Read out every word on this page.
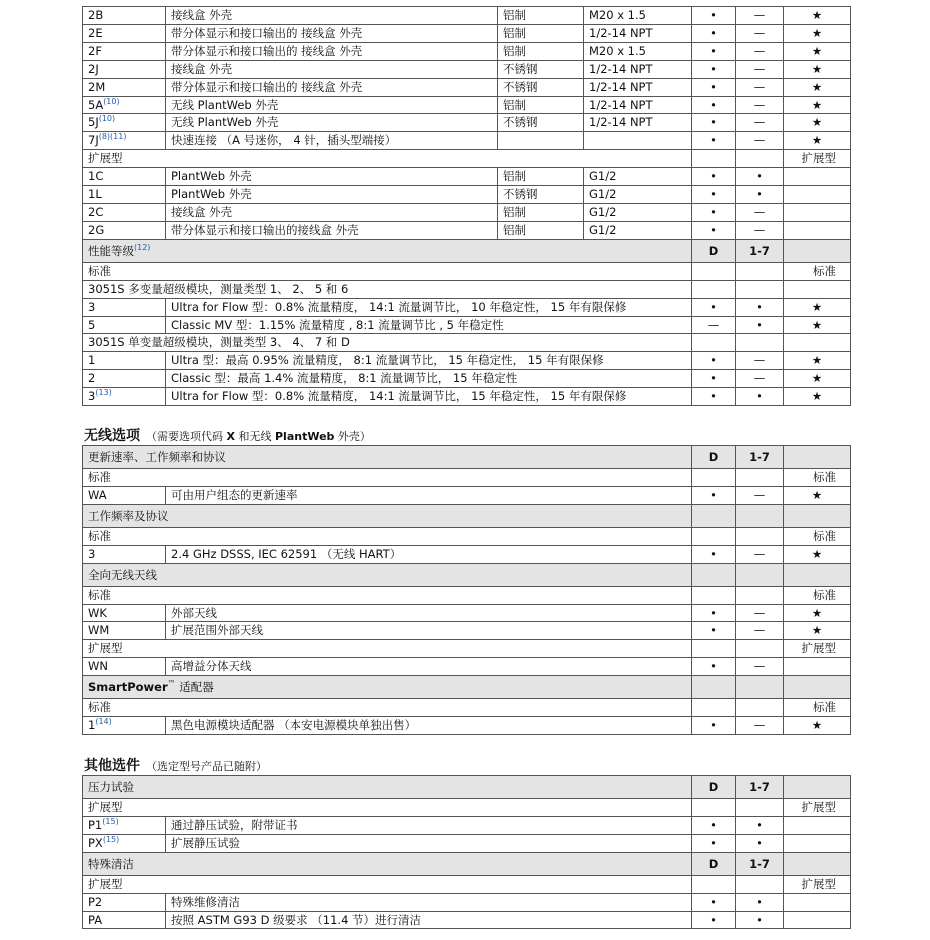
2B	接线盒 外壳	铝制	M20 x 1.5	•	—	★
2E	带分体显示和接口输出的 接线盒 外壳	铝制	1/2-14 NPT	•	—	★
2F	带分体显示和接口输出的 接线盒 外壳	铝制	M20 x 1.5	•	—	★
2J	接线盒 外壳	不锈钢	1/2-14 NPT	•	—	★
2M	带分体显示和接口输出的 接线盒 外壳	不锈钢	1/2-14 NPT	•	—	★
$5A^{(10)}$	无线 PlantWeb 外壳	铝制	1/2-14 NPT	•	—	★
$5J^{(10)}$	无线 PlantWeb 外壳	不锈钢	1/2-14 NPT	•	—	★
$7J^{(8)(11)}$	快速连接 （A 号迷你， 4 针，插头型端接）			•	—	★
扩展型						扩展型
1C	PlantWeb 外壳	铝制	G1/2	•	•	
1L	PlantWeb 外壳	不锈钢	G1/2	•	•	
2C	接线盒 外壳	铝制	G1/2	•	—	
2G	带分体显示和接口输出的接线盒 外壳	铝制	G1/2	•	—	
性能等级$^{(12)}$				D	1-7	
标准						标准
3051S 多变量超级模块，测量类型 1、 2、 5 和 6						
3	Ultra for Flow 型：0.8% 流量精度， 14:1 流量调节比， 10 年稳定性， 15 年有限保修			•	•	★
5	Classic MV 型：1.15% 流量精度 , 8:1 流量调节比 , 5 年稳定性			—	•	★
3051S 单变量超级模块，测量类型 3、 4、 7 和 D						
1	Ultra 型：最高 0.95% 流量精度， 8:1 流量调节比， 15 年稳定性， 15 年有限保修			•	—	★
2	Classic 型：最高 1.4% 流量精度， 8:1 流量调节比， 15 年稳定性			•	—	★
3$^{(13)}$	Ultra for Flow 型：0.8% 流量精度， 14:1 流量调节比， 15 年稳定性， 15 年有限保修			•	•	★
无线选项 （需要选项代码 X 和无线 PlantWeb 外壳）
更新速率、工作频率和协议		D	1-7	
标准				标准
WA	可由用户组态的更新速率	•	—	★
工作频率及协议				
标准				标准
3	2.4 GHz DSSS, IEC 62591 （无线 HART）	•	—	★
全向无线天线				
标准				标准
WK	外部天线	•	—	★
WM	扩展范围外部天线	•	—	★
扩展型				扩展型
WN	高增益分体天线	•	—	
SmartPower™ 适配器				
标准				标准
1$^{(14)}$	黑色电源模块适配器 （本安电源模块单独出售）	•	—	★
其他选件 （选定型号产品已随附）
压力试验		D	1-7	
扩展型				扩展型
P1$^{(15)}$	通过静压试验，附带证书	•	•	
PX$^{(15)}$	扩展静压试验	•	•	
特殊清洁		D	1-7	
扩展型				扩展型
P2	特殊维修清洁	•	•	
PA	按照 ASTM G93 D 级要求 （11.4 节）进行清洁	•	•	
